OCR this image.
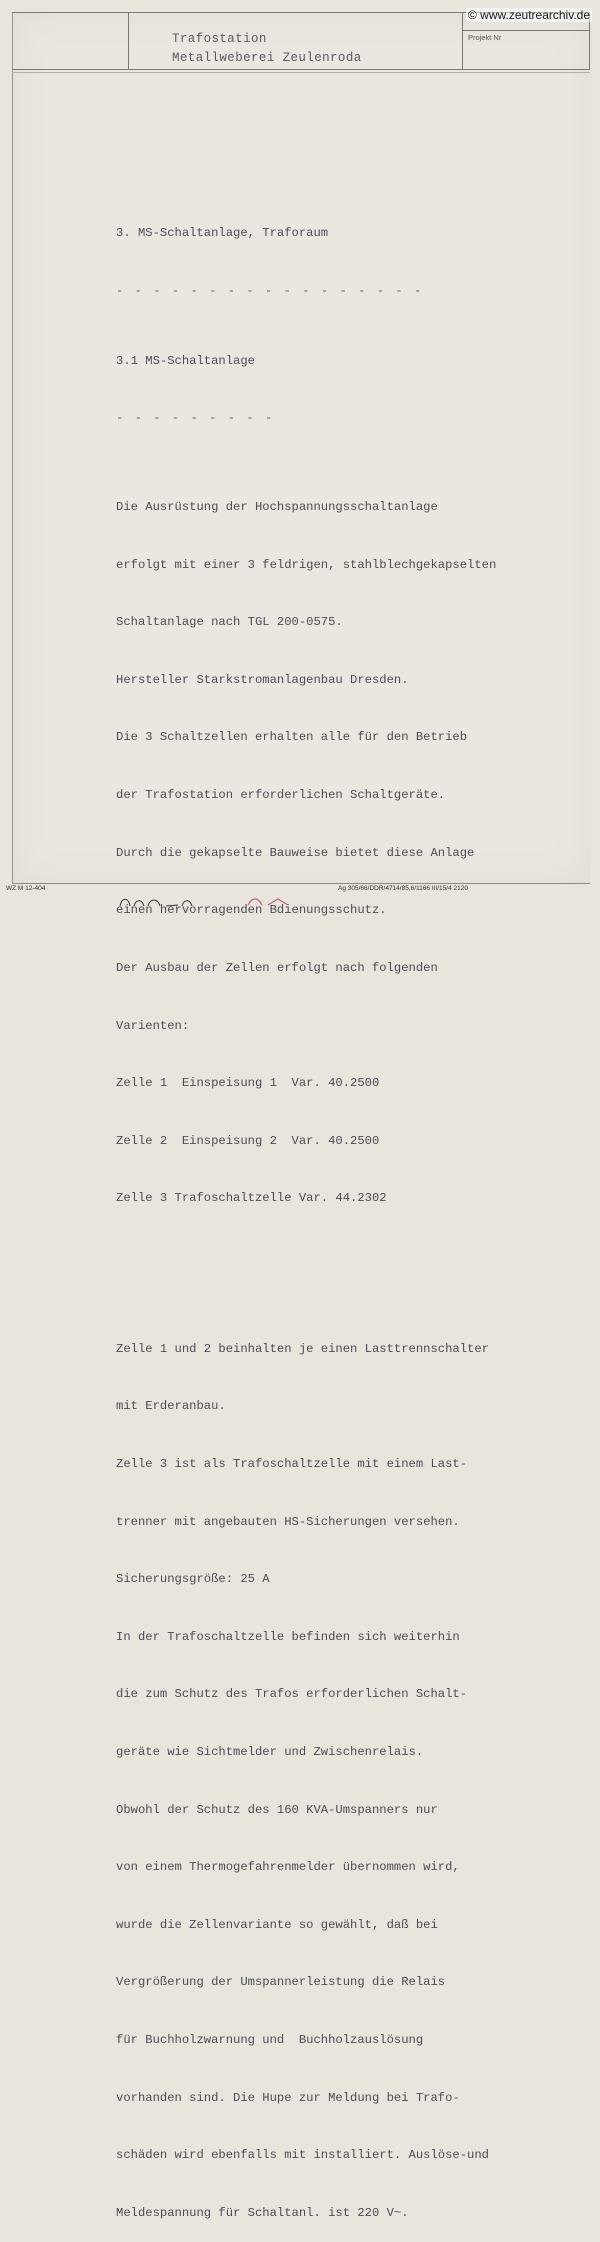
Trafostation
Metallweberei Zeulenroda
Projekt Nr
© www.zeutrearchiv.de

3. MS-Schaltanlage, Traforaum

- - - - - - - - - - - - - - - - -

3.1 MS-Schaltanlage

- - - - - - - - -

Die Ausrüstung der Hochspannungsschaltanlage

erfolgt mit einer 3 feldrigen, stahlblechgekapselten

Schaltanlage nach TGL 200-0575.

Hersteller Starkstromanlagenbau Dresden.

Die 3 Schaltzellen erhalten alle für den Betrieb

der Trafostation erforderlichen Schaltgeräte.

Durch die gekapselte Bauweise bietet diese Anlage

einen hervorragenden Bdienungsschutz.

Der Ausbau der Zellen erfolgt nach folgenden

Varienten:

Zelle 1  Einspeisung 1  Var. 40.2500

Zelle 2  Einspeisung 2  Var. 40.2500

Zelle 3 Trafoschaltzelle Var. 44.2302

Zelle 1 und 2 beinhalten je einen Lasttrennschalter

mit Erderanbau.

Zelle 3 ist als Trafoschaltzelle mit einem Last-

trenner mit angebauten HS-Sicherungen versehen.

Sicherungsgröße: 25 A

In der Trafoschaltzelle befinden sich weiterhin

die zum Schutz des Trafos erforderlichen Schalt-

geräte wie Sichtmelder und Zwischenrelais.

Obwohl der Schutz des 160 KVA-Umspanners nur

von einem Thermogefahrenmelder übernommen wird,

wurde die Zellenvariante so gewählt, daß bei

Vergrößerung der Umspannerleistung die Relais

für Buchholzwarnung und  Buchholzauslösung

vorhanden sind. Die Hupe zur Meldung bei Trafo-

schäden wird ebenfalls mit installiert. Auslöse-und

Meldespannung für Schaltanl. ist 220 V~.

WZ M 12-404	Ag 305/66/DDR/4714/85,6/1166 III/15/4 2120
